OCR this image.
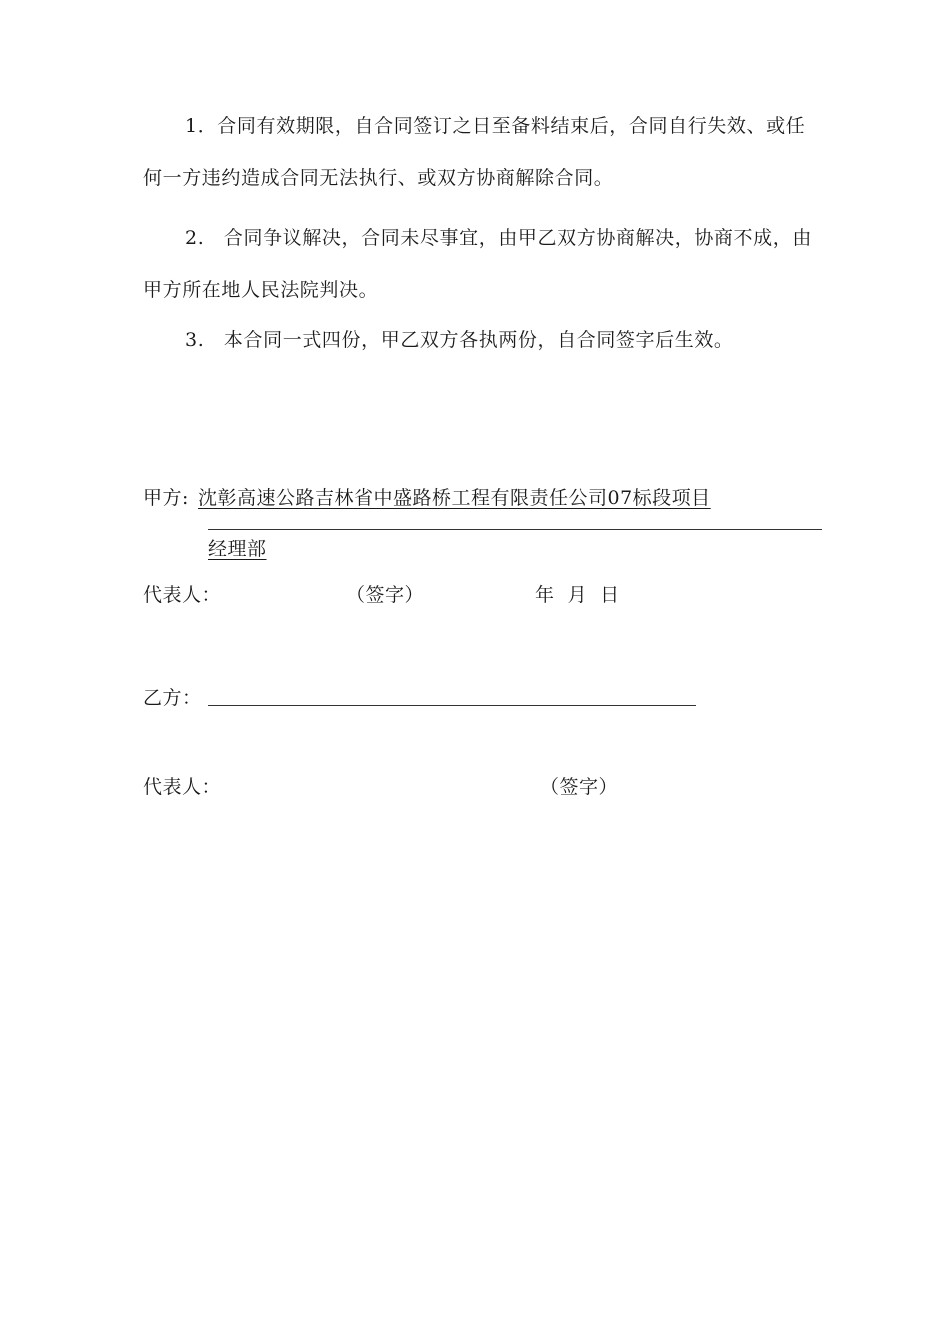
1．合同有效期限，自合同签订之日至备料结束后，合同自行失效、或任何一方违约造成合同无法执行、或双方协商解除合同。

2.　合同争议解决，合同未尽事宜，由甲乙双方协商解决，协商不成，由甲方所在地人民法院判决。

3.　本合同一式四份，甲乙双方各执两份，自合同签字后生效。

甲方: 沈彰高速公路吉林省中盛路桥工程有限责任公司07标段项目
经理部
代表人：	（签字）	年  月  日
乙方：
代表人：	（签字）
